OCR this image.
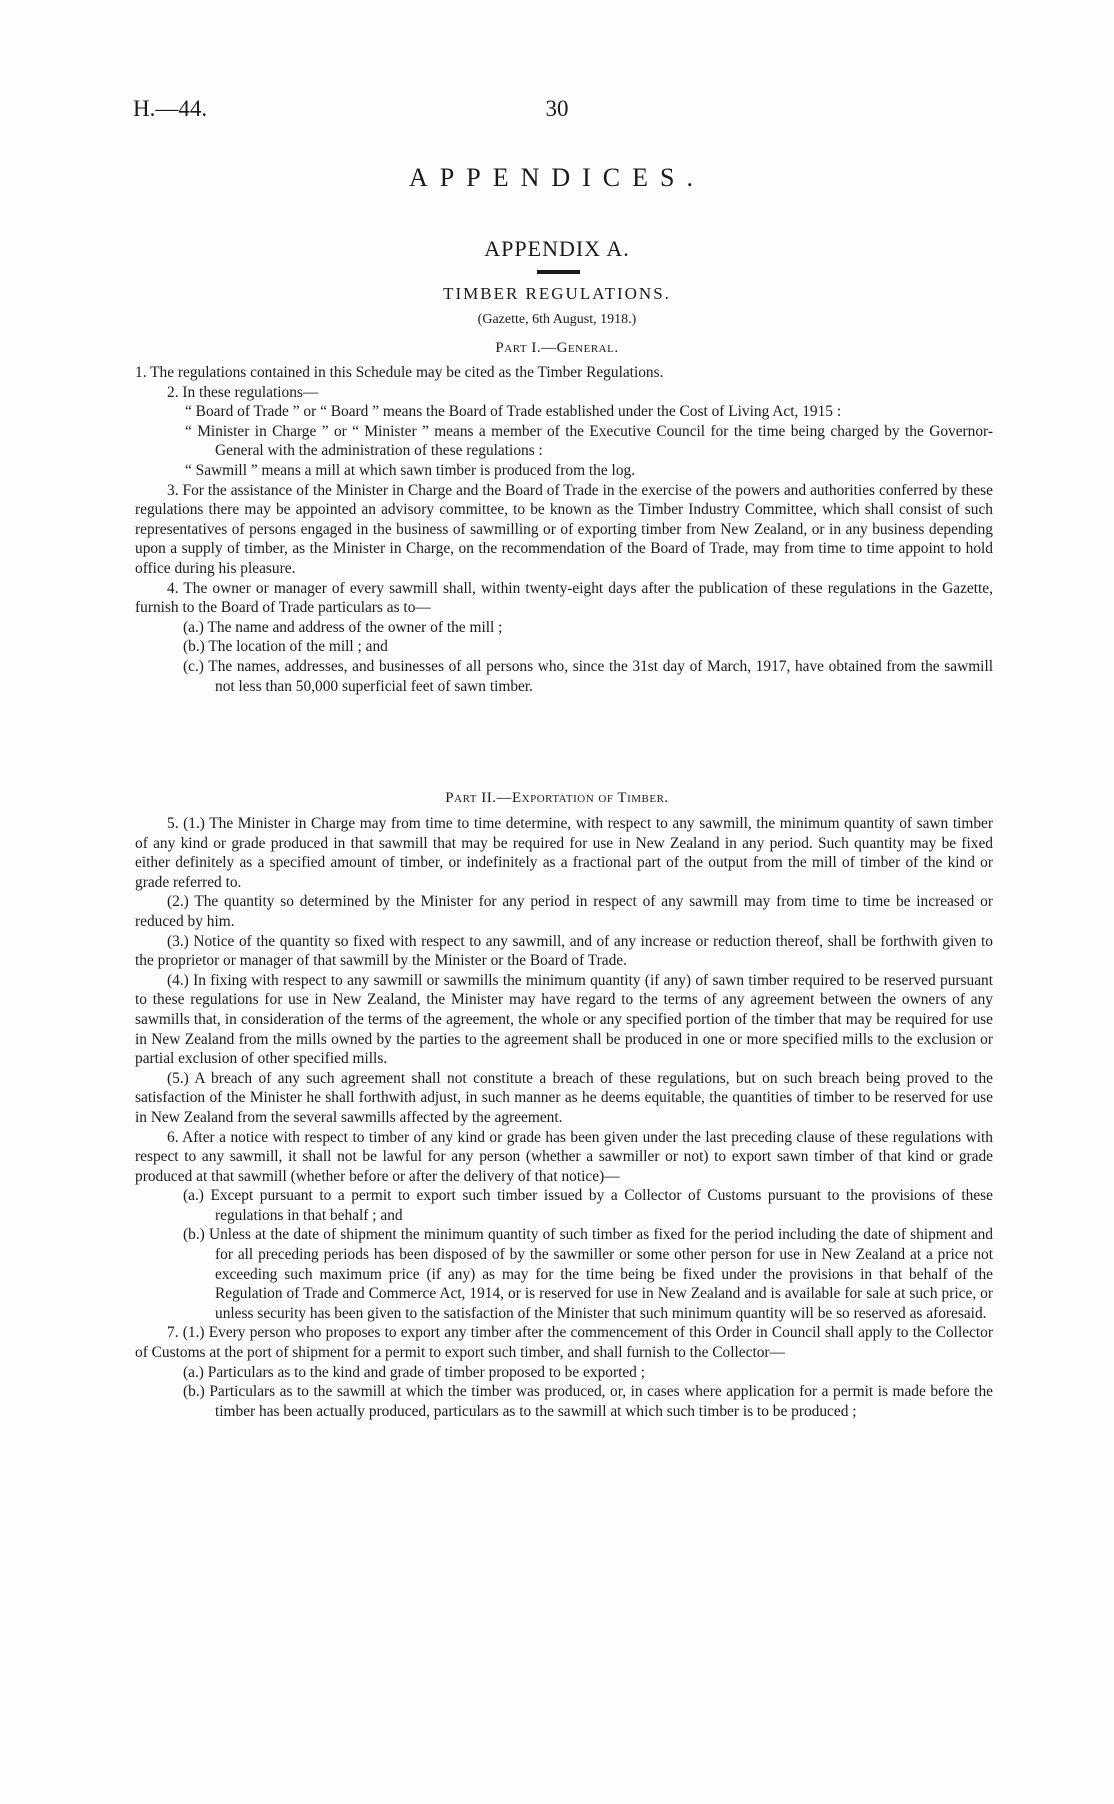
H.—44.	30
APPENDICES.
APPENDIX A.
TIMBER REGULATIONS.
(Gazette, 6th August, 1918.)
Part I.—General.

1. The regulations contained in this Schedule may be cited as the Timber Regulations.

2. In these regulations—

“ Board of Trade ” or “ Board ” means the Board of Trade established under the Cost of Living Act, 1915 :

“ Minister in Charge ” or “ Minister ” means a member of the Executive Council for the time being charged by the Governor-General with the administration of these regulations :

“ Sawmill ” means a mill at which sawn timber is produced from the log.

3. For the assistance of the Minister in Charge and the Board of Trade in the exercise of the powers and authorities conferred by these regulations there may be appointed an advisory committee, to be known as the Timber Industry Committee, which shall consist of such representatives of persons engaged in the business of sawmilling or of exporting timber from New Zealand, or in any business depending upon a supply of timber, as the Minister in Charge, on the recommendation of the Board of Trade, may from time to time appoint to hold office during his pleasure.

4. The owner or manager of every sawmill shall, within twenty-eight days after the publication of these regulations in the Gazette, furnish to the Board of Trade particulars as to—

(a.) The name and address of the owner of the mill ;

(b.) The location of the mill ; and

(c.) The names, addresses, and businesses of all persons who, since the 31st day of March, 1917, have obtained from the sawmill not less than 50,000 superficial feet of sawn timber.

Part II.—Exportation of Timber.

5. (1.) The Minister in Charge may from time to time determine, with respect to any sawmill, the minimum quantity of sawn timber of any kind or grade produced in that sawmill that may be required for use in New Zealand in any period. Such quantity may be fixed either definitely as a specified amount of timber, or indefinitely as a fractional part of the output from the mill of timber of the kind or grade referred to.

(2.) The quantity so determined by the Minister for any period in respect of any sawmill may from time to time be increased or reduced by him.

(3.) Notice of the quantity so fixed with respect to any sawmill, and of any increase or reduction thereof, shall be forthwith given to the proprietor or manager of that sawmill by the Minister or the Board of Trade.

(4.) In fixing with respect to any sawmill or sawmills the minimum quantity (if any) of sawn timber required to be reserved pursuant to these regulations for use in New Zealand, the Minister may have regard to the terms of any agreement between the owners of any sawmills that, in consideration of the terms of the agreement, the whole or any specified portion of the timber that may be required for use in New Zealand from the mills owned by the parties to the agreement shall be produced in one or more specified mills to the exclusion or partial exclusion of other specified mills.

(5.) A breach of any such agreement shall not constitute a breach of these regulations, but on such breach being proved to the satisfaction of the Minister he shall forthwith adjust, in such manner as he deems equitable, the quantities of timber to be reserved for use in New Zealand from the several sawmills affected by the agreement.

6. After a notice with respect to timber of any kind or grade has been given under the last preceding clause of these regulations with respect to any sawmill, it shall not be lawful for any person (whether a sawmiller or not) to export sawn timber of that kind or grade produced at that sawmill (whether before or after the delivery of that notice)—

(a.) Except pursuant to a permit to export such timber issued by a Collector of Customs pursuant to the provisions of these regulations in that behalf ; and

(b.) Unless at the date of shipment the minimum quantity of such timber as fixed for the period including the date of shipment and for all preceding periods has been disposed of by the sawmiller or some other person for use in New Zealand at a price not exceeding such maximum price (if any) as may for the time being be fixed under the provisions in that behalf of the Regulation of Trade and Commerce Act, 1914, or is reserved for use in New Zealand and is available for sale at such price, or unless security has been given to the satisfaction of the Minister that such minimum quantity will be so reserved as aforesaid.

7. (1.) Every person who proposes to export any timber after the commencement of this Order in Council shall apply to the Collector of Customs at the port of shipment for a permit to export such timber, and shall furnish to the Collector—

(a.) Particulars as to the kind and grade of timber proposed to be exported ;

(b.) Particulars as to the sawmill at which the timber was produced, or, in cases where application for a permit is made before the timber has been actually produced, particulars as to the sawmill at which such timber is to be produced ;
